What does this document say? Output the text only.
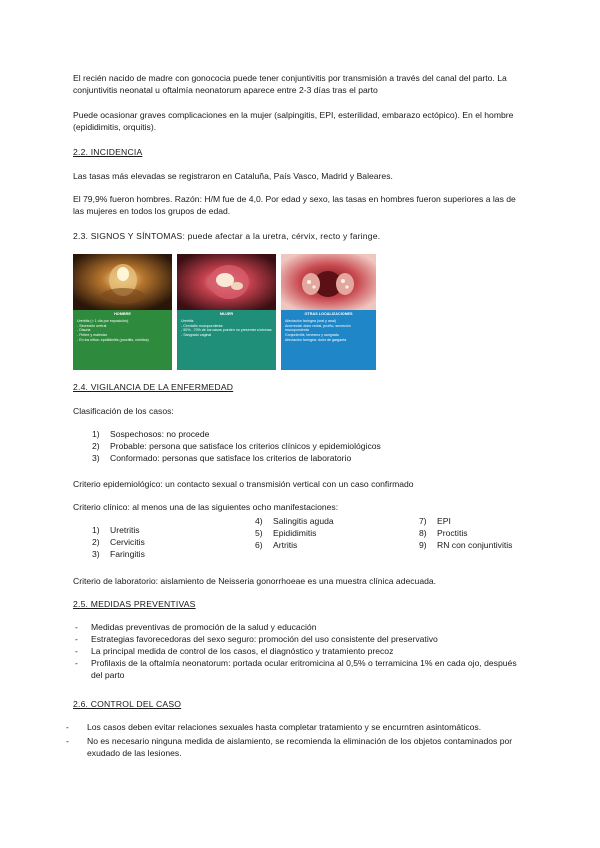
El recién nacido de madre con gonococia puede tener conjuntivitis por transmisión a través del canal del parto. La conjuntivitis neonatal u oftalmía neonatorum aparece entre 2-3 días tras el parto
Puede ocasionar graves complicaciones en la mujer (salpingitis, EPI, esterilidad, embarazo ectópico). En el hombre (epididimitis, orquitis).
2.2. INCIDENCIA
Las tasas más elevadas se registraron en Cataluña, País Vasco, Madrid y Baleares.
El 79,9% fueron hombres. Razón: H/M fue de 4,0. Por edad y sexo, las tasas en hombres fueron superiores a las de las mujeres en todos los grupos de edad.
2.3. SIGNOS Y SÍNTOMAS: puede afectar a la uretra, cérvix, recto y faringe.
HOMBRE
Uretritis (> 1 día por exposición).
- Secreción uretral
- Disuria
- Fiebre y malestar
- En los niños: epididimitis (proctitis, vómitos)
MUJER
Uretritis
- Cervicitis mucopurulenta
- 50% - 70% de los casos pueden no presentar síntomas
- Sangrado vaginal
OTRAS LOCALIZACIONES
Afectación faríngea (oral y anal)
Anorrectal: dolor rectal, prurito, secreción mucopurulenta
Conjuntivitis, tenesmo y sangrado
Afectación faríngea: dolor de garganta
2.4. VIGILANCIA DE LA ENFERMEDAD
Clasificación de los casos:
1) Sospechosos: no procede
2) Probable: persona que satisface los criterios clínicos y epidemiológicos
3) Conformado: personas que satisface los criterios de laboratorio
Criterio epidemiológico: un contacto sexual o transmisión vertical con un caso confirmado
Criterio clínico: al menos una de las siguientes ocho manifestaciones:
1) Uretritis
2) Cervicitis
3) Faringitis
4) Salingitis aguda
5) Epididimitis
6) Artritis
7) EPI
8) Proctitis
9) RN con conjuntivitis
Criterio de laboratorio: aislamiento de Neisseria gonorrhoeae es una muestra clínica adecuada.
2.5. MEDIDAS PREVENTIVAS
- Medidas preventivas de promoción de la salud y educación
- Estrategias favorecedoras del sexo seguro: promoción del uso consistente del preservativo
- La principal medida de control de los casos, el diagnóstico y tratamiento precoz
- Profilaxis de la oftalmía neonatorum: portada ocular eritromicina al 0,5% o terramicina 1% en cada ojo, después del parto
2.6. CONTROL DEL CASO
- Los casos deben evitar relaciones sexuales hasta completar tratamiento y se encurntren asintomáticos.
- No es necesario ninguna medida de aislamiento, se recomienda la eliminación de los objetos contaminados por exudado de las lesiones.
